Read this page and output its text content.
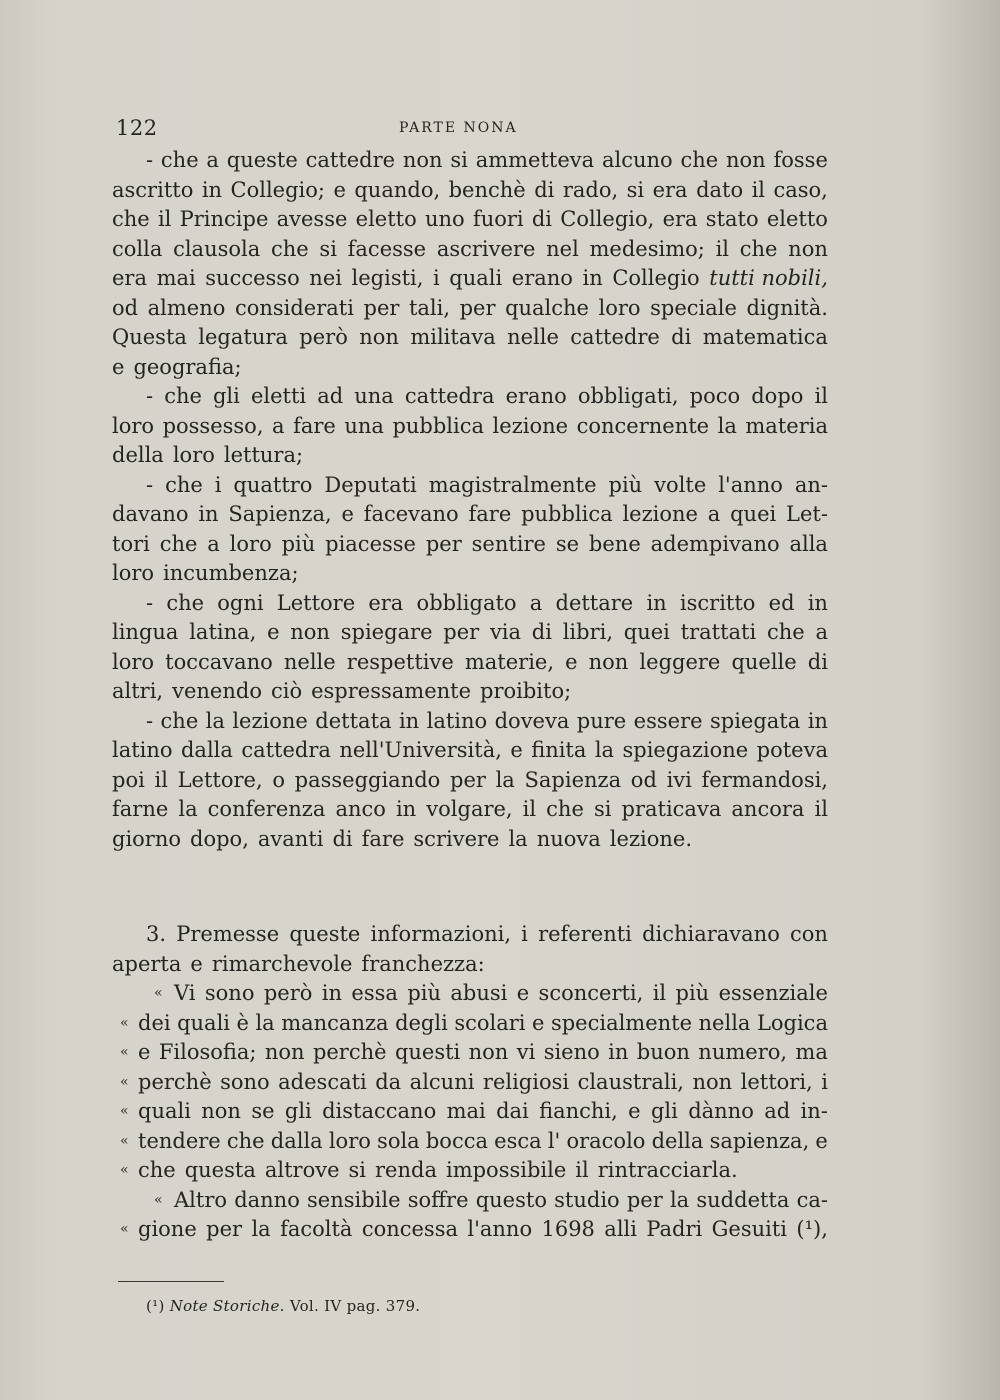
122	PARTE NONA
- che a queste cattedre non si ammetteva alcuno che non fosse
ascritto in Collegio; e quando, benchè di rado, si era dato il caso,
che il Principe avesse eletto uno fuori di Collegio, era stato eletto
colla clausola che si facesse ascrivere nel medesimo; il che non
era mai successo nei legisti, i quali erano in Collegio tutti nobili,
od almeno considerati per tali, per qualche loro speciale dignità.
Questa legatura però non militava nelle cattedre di matematica
e geografia;
- che gli eletti ad una cattedra erano obbligati, poco dopo il
loro possesso, a fare una pubblica lezione concernente la materia
della loro lettura;
- che i quattro Deputati magistralmente più volte l'anno an-
davano in Sapienza, e facevano fare pubblica lezione a quei Let-
tori che a loro più piacesse per sentire se bene adempivano alla
loro incumbenza;
- che ogni Lettore era obbligato a dettare in iscritto ed in
lingua latina, e non spiegare per via di libri, quei trattati che a
loro toccavano nelle respettive materie, e non leggere quelle di
altri, venendo ciò espressamente proibito;
- che la lezione dettata in latino doveva pure essere spiegata in
latino dalla cattedra nell'Università, e finita la spiegazione poteva
poi il Lettore, o passeggiando per la Sapienza od ivi fermandosi,
farne la conferenza anco in volgare, il che si praticava ancora il
giorno dopo, avanti di fare scrivere la nuova lezione.
3. Premesse queste informazioni, i referenti dichiaravano con
aperta e rimarchevole franchezza:
« Vi sono però in essa più abusi e sconcerti, il più essenziale
« dei quali è la mancanza degli scolari e specialmente nella Logica
« e Filosofia; non perchè questi non vi sieno in buon numero, ma
« perchè sono adescati da alcuni religiosi claustrali, non lettori, i
« quali non se gli distaccano mai dai fianchi, e gli dànno ad in-
« tendere che dalla loro sola bocca esca l' oracolo della sapienza, e
« che questa altrove si renda impossibile il rintracciarla.
« Altro danno sensibile soffre questo studio per la suddetta ca-
« gione per la facoltà concessa l'anno 1698 alli Padri Gesuiti (¹),
(¹) Note Storiche. Vol. IV pag. 379.
